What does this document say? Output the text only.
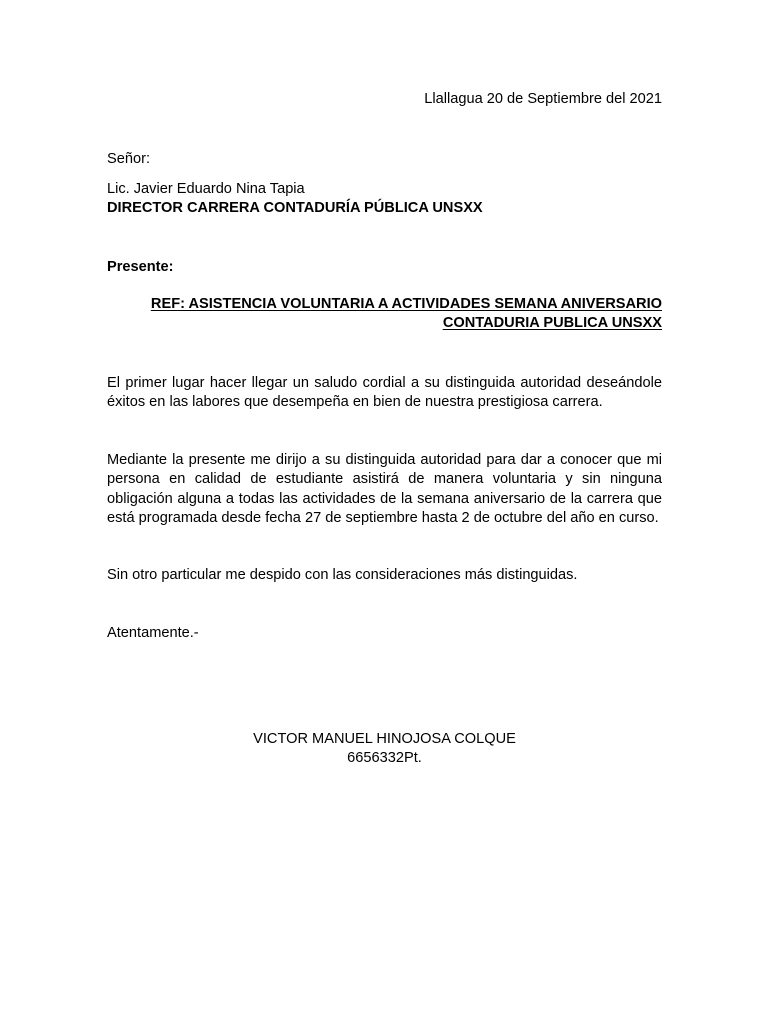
Llallagua 20 de Septiembre del 2021
Señor:
Lic. Javier Eduardo Nina Tapia
DIRECTOR CARRERA CONTADURÍA PÚBLICA UNSXX
Presente:
REF: ASISTENCIA VOLUNTARIA A ACTIVIDADES SEMANA ANIVERSARIO
CONTADURIA PUBLICA UNSXX
El primer lugar hacer llegar un saludo cordial a su distinguida autoridad deseándole éxitos en las labores que desempeña en bien de nuestra prestigiosa carrera.
Mediante la presente me dirijo a su distinguida autoridad para dar a conocer que mi persona en calidad de estudiante asistirá de manera voluntaria y sin ninguna obligación alguna a todas las actividades de la semana aniversario de la carrera que está programada desde fecha 27 de septiembre hasta 2 de octubre del año en curso.
Sin otro particular me despido con las consideraciones más distinguidas.
Atentamente.-
VICTOR MANUEL HINOJOSA COLQUE
6656332Pt.
